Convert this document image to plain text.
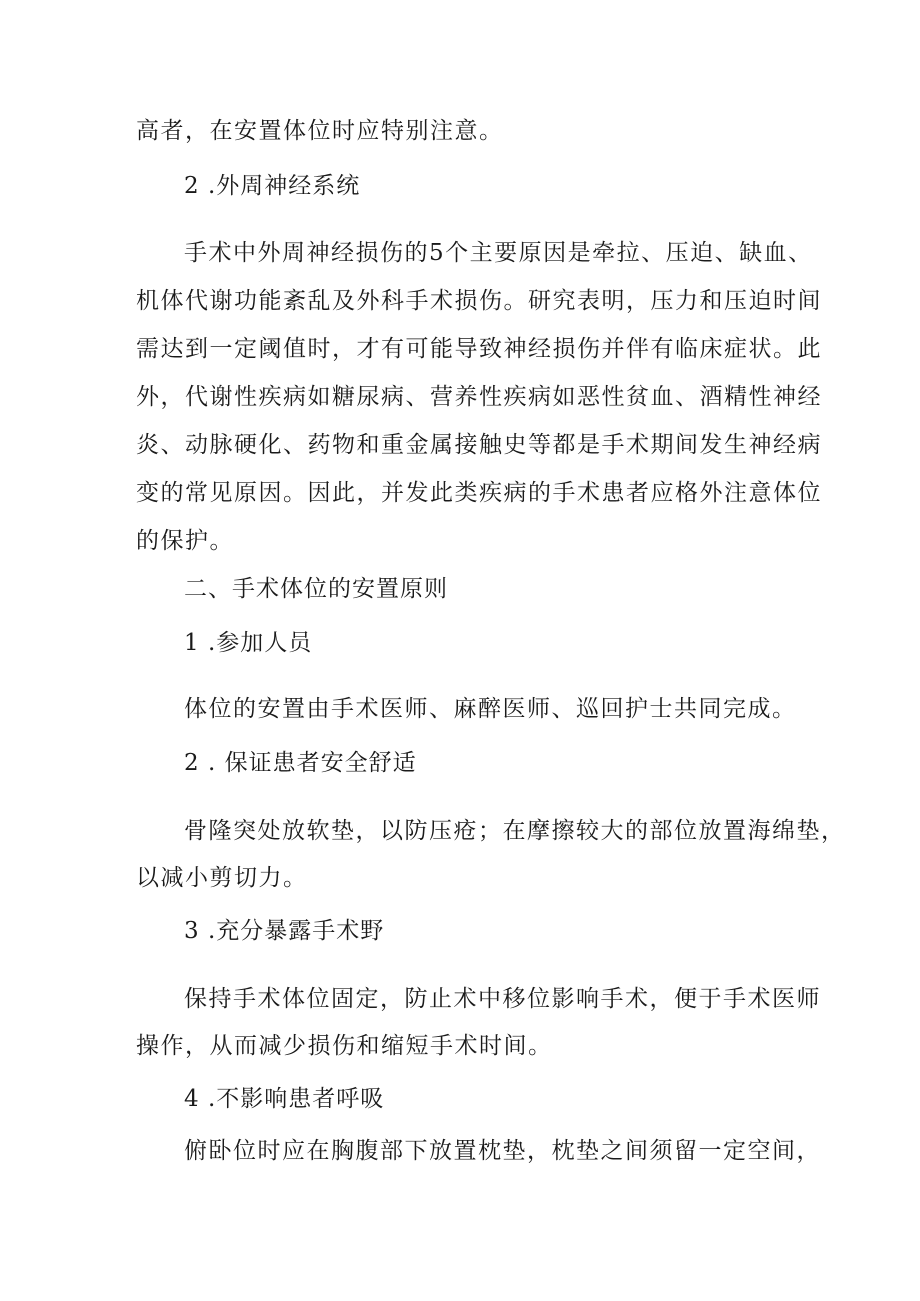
高者，在安置体位时应特别注意。
2 .外周神经系统
手术中外周神经损伤的5个主要原因是牵拉、压迫、缺血、
机体代谢功能紊乱及外科手术损伤。研究表明，压力和压迫时间
需达到一定阈值时，才有可能导致神经损伤并伴有临床症状。此
外，代谢性疾病如糖尿病、营养性疾病如恶性贫血、酒精性神经
炎、动脉硬化、药物和重金属接触史等都是手术期间发生神经病
变的常见原因。因此，并发此类疾病的手术患者应格外注意体位
的保护。
二、手术体位的安置原则
1 .参加人员
体位的安置由手术医师、麻醉医师、巡回护士共同完成。
2 . 保证患者安全舒适
骨隆突处放软垫，以防压疮；在摩擦较大的部位放置海绵垫，
以减小剪切力。
3 .充分暴露手术野
保持手术体位固定，防止术中移位影响手术，便于手术医师
操作，从而减少损伤和缩短手术时间。
4 .不影响患者呼吸
俯卧位时应在胸腹部下放置枕垫，枕垫之间须留一定空间，
